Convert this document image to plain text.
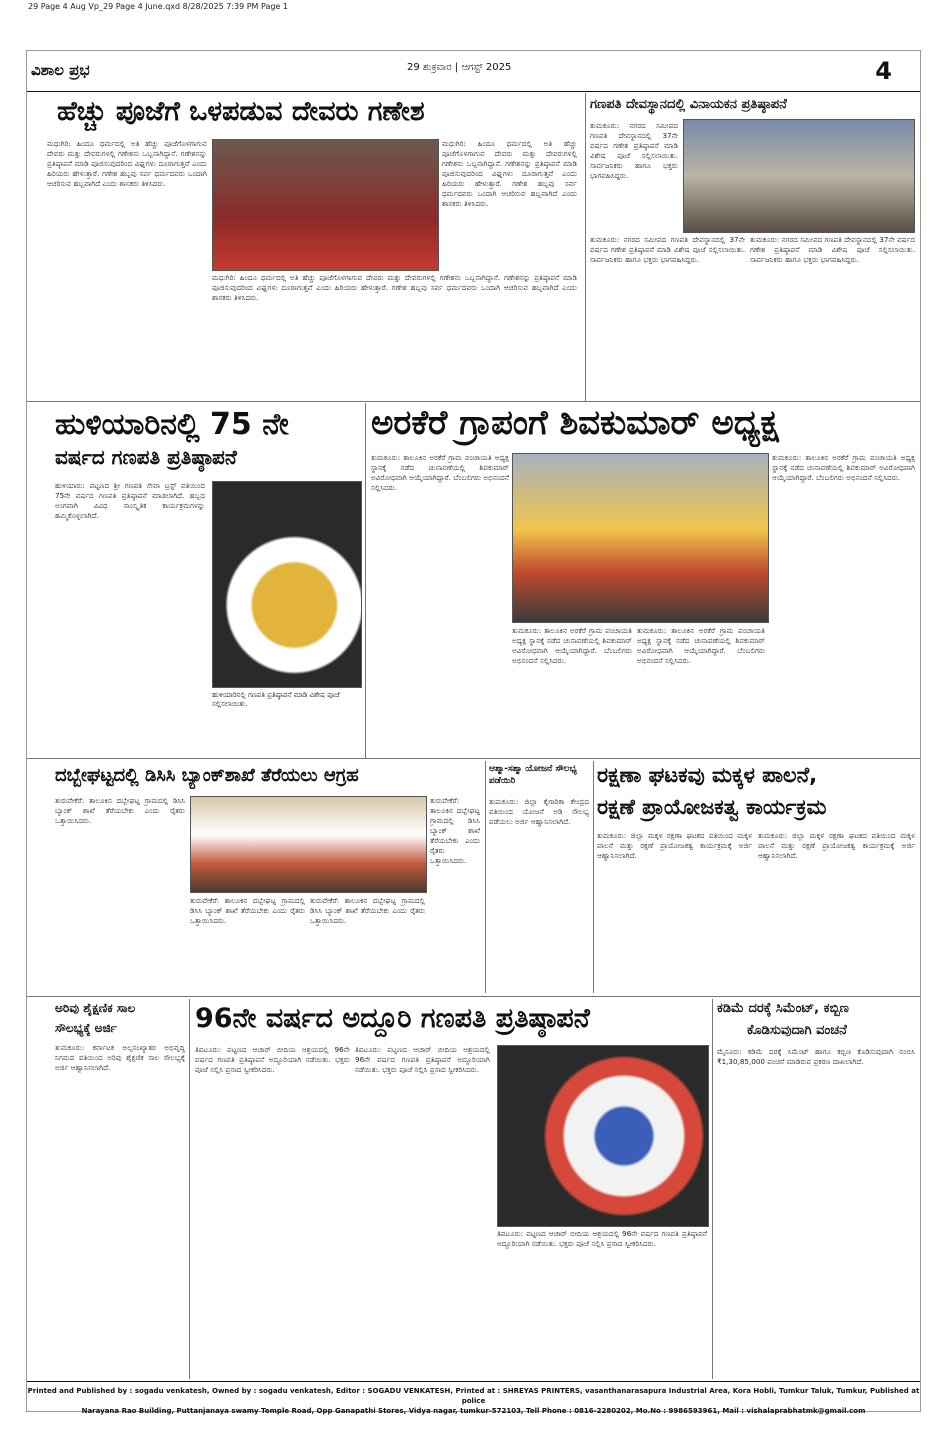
29 Page 4 Aug Vp_29 Page 4 June.qxd 8/28/2025 7:39 PM Page 1
ವಿಶಾಲ ಪ್ರಭ	29 ಶುಕ್ರವಾರ | ಆಗಸ್ಟ್ 2025	4
ಹೆಚ್ಚು ಪೂಜೆಗೆ ಒಳಪಡುವ ದೇವರು ಗಣೇಶ
ಮಧುಗಿರಿ: ಹಿಂದೂ ಧರ್ಮದಲ್ಲಿ ಅತಿ ಹೆಚ್ಚು ಪೂಜೆಗೊಳಗಾಗುವ ದೇವರು ಮತ್ತು ದೇವರುಗಳಲ್ಲಿ ಗಣೇಶನು ಒಬ್ಬನಾಗಿದ್ದಾನೆ. ಗಣೇಶನನ್ನು ಪ್ರತಿಷ್ಠಾಪನೆ ಮಾಡಿ ಪೂಜಿಸುವುದರಿಂದ ವಿಘ್ನಗಳು ದೂರಾಗುತ್ತವೆ ಎಂದು ಹಿರಿಯರು ಹೇಳುತ್ತಾರೆ. ಗಣೇಶ ಹಬ್ಬವು ಸರ್ವ ಧರ್ಮದವರು ಒಂದಾಗಿ ಆಚರಿಸುವ ಹಬ್ಬವಾಗಿದೆ ಎಂದು ಶಾಸಕರು ತಿಳಿಸಿದರು.
ಮಧುಗಿರಿ: ಹಿಂದೂ ಧರ್ಮದಲ್ಲಿ ಅತಿ ಹೆಚ್ಚು ಪೂಜೆಗೊಳಗಾಗುವ ದೇವರು ಮತ್ತು ದೇವರುಗಳಲ್ಲಿ ಗಣೇಶನು ಒಬ್ಬನಾಗಿದ್ದಾನೆ. ಗಣೇಶನನ್ನು ಪ್ರತಿಷ್ಠಾಪನೆ ಮಾಡಿ ಪೂಜಿಸುವುದರಿಂದ ವಿಘ್ನಗಳು ದೂರಾಗುತ್ತವೆ ಎಂದು ಹಿರಿಯರು ಹೇಳುತ್ತಾರೆ. ಗಣೇಶ ಹಬ್ಬವು ಸರ್ವ ಧರ್ಮದವರು ಒಂದಾಗಿ ಆಚರಿಸುವ ಹಬ್ಬವಾಗಿದೆ ಎಂದು ಶಾಸಕರು ತಿಳಿಸಿದರು.
ಮಧುಗಿರಿ: ಹಿಂದೂ ಧರ್ಮದಲ್ಲಿ ಅತಿ ಹೆಚ್ಚು ಪೂಜೆಗೊಳಗಾಗುವ ದೇವರು ಮತ್ತು ದೇವರುಗಳಲ್ಲಿ ಗಣೇಶನು ಒಬ್ಬನಾಗಿದ್ದಾನೆ. ಗಣೇಶನನ್ನು ಪ್ರತಿಷ್ಠಾಪನೆ ಮಾಡಿ ಪೂಜಿಸುವುದರಿಂದ ವಿಘ್ನಗಳು ದೂರಾಗುತ್ತವೆ ಎಂದು ಹಿರಿಯರು ಹೇಳುತ್ತಾರೆ. ಗಣೇಶ ಹಬ್ಬವು ಸರ್ವ ಧರ್ಮದವರು ಒಂದಾಗಿ ಆಚರಿಸುವ ಹಬ್ಬವಾಗಿದೆ ಎಂದು ಶಾಸಕರು ತಿಳಿಸಿದರು.
ಗಣಪತಿ ದೇವಸ್ಥಾನದಲ್ಲಿ ವಿನಾಯಕನ ಪ್ರತಿಷ್ಠಾಪನೆ
ತುಮಕೂರು: ನಗರದ ಸಮೀಪದ ಗಣಪತಿ ದೇವಸ್ಥಾನದಲ್ಲಿ 37ನೇ ವರ್ಷದ ಗಣೇಶ ಪ್ರತಿಷ್ಠಾಪನೆ ಮಾಡಿ ವಿಶೇಷ ಪೂಜೆ ಸಲ್ಲಿಸಲಾಯಿತು. ಸಾರ್ವಜನಿಕರು ಹಾಗೂ ಭಕ್ತರು ಭಾಗವಹಿಸಿದ್ದರು.
ತುಮಕೂರು: ನಗರದ ಸಮೀಪದ ಗಣಪತಿ ದೇವಸ್ಥಾನದಲ್ಲಿ 37ನೇ ವರ್ಷದ ಗಣೇಶ ಪ್ರತಿಷ್ಠಾಪನೆ ಮಾಡಿ ವಿಶೇಷ ಪೂಜೆ ಸಲ್ಲಿಸಲಾಯಿತು. ಸಾರ್ವಜನಿಕರು ಹಾಗೂ ಭಕ್ತರು ಭಾಗವಹಿಸಿದ್ದರು.
ತುಮಕೂರು: ನಗರದ ಸಮೀಪದ ಗಣಪತಿ ದೇವಸ್ಥಾನದಲ್ಲಿ 37ನೇ ವರ್ಷದ ಗಣೇಶ ಪ್ರತಿಷ್ಠಾಪನೆ ಮಾಡಿ ವಿಶೇಷ ಪೂಜೆ ಸಲ್ಲಿಸಲಾಯಿತು. ಸಾರ್ವಜನಿಕರು ಹಾಗೂ ಭಕ್ತರು ಭಾಗವಹಿಸಿದ್ದರು.
ಹುಳಿಯಾರಿನಲ್ಲಿ 75 ನೇ
ವರ್ಷದ ಗಣಪತಿ ಪ್ರತಿಷ್ಠಾಪನೆ
ಹುಳಿಯಾರು: ಪಟ್ಟಣದ ಶ್ರೀ ಗಣಪತಿ ಸೇವಾ ಟ್ರಸ್ಟ್ ವತಿಯಿಂದ 75ನೇ ವರ್ಷದ ಗಣಪತಿ ಪ್ರತಿಷ್ಠಾಪನೆ ಮಾಡಲಾಗಿದೆ. ಹಬ್ಬದ ಅಂಗವಾಗಿ ವಿವಿಧ ಸಾಂಸ್ಕೃತಿಕ ಕಾರ್ಯಕ್ರಮಗಳನ್ನು ಹಮ್ಮಿಕೊಳ್ಳಲಾಗಿದೆ.
ಹುಳಿಯಾರಿನಲ್ಲಿ ಗಣಪತಿ ಪ್ರತಿಷ್ಠಾಪನೆ ಮಾಡಿ ವಿಶೇಷ ಪೂಜೆ ಸಲ್ಲಿಸಲಾಯಿತು.
ಅರಕೆರೆ ಗ್ರಾಪಂಗೆ ಶಿವಕುಮಾರ್ ಅಧ್ಯಕ್ಷ
ತುಮಕೂರು: ತಾಲೂಕಿನ ಅರಕೆರೆ ಗ್ರಾಮ ಪಂಚಾಯತಿ ಅಧ್ಯಕ್ಷ ಸ್ಥಾನಕ್ಕೆ ನಡೆದ ಚುನಾವಣೆಯಲ್ಲಿ ಶಿವಕುಮಾರ್ ಅವಿರೋಧವಾಗಿ ಆಯ್ಕೆಯಾಗಿದ್ದಾರೆ. ಬೆಂಬಲಿಗರು ಅಭಿನಂದನೆ ಸಲ್ಲಿಸಿದರು.
ತುಮಕೂರು: ತಾಲೂಕಿನ ಅರಕೆರೆ ಗ್ರಾಮ ಪಂಚಾಯತಿ ಅಧ್ಯಕ್ಷ ಸ್ಥಾನಕ್ಕೆ ನಡೆದ ಚುನಾವಣೆಯಲ್ಲಿ ಶಿವಕುಮಾರ್ ಅವಿರೋಧವಾಗಿ ಆಯ್ಕೆಯಾಗಿದ್ದಾರೆ. ಬೆಂಬಲಿಗರು ಅಭಿನಂದನೆ ಸಲ್ಲಿಸಿದರು.
ತುಮಕೂರು: ತಾಲೂಕಿನ ಅರಕೆರೆ ಗ್ರಾಮ ಪಂಚಾಯತಿ ಅಧ್ಯಕ್ಷ ಸ್ಥಾನಕ್ಕೆ ನಡೆದ ಚುನಾವಣೆಯಲ್ಲಿ ಶಿವಕುಮಾರ್ ಅವಿರೋಧವಾಗಿ ಆಯ್ಕೆಯಾಗಿದ್ದಾರೆ. ಬೆಂಬಲಿಗರು ಅಭಿನಂದನೆ ಸಲ್ಲಿಸಿದರು.
ತುಮಕೂರು: ತಾಲೂಕಿನ ಅರಕೆರೆ ಗ್ರಾಮ ಪಂಚಾಯತಿ ಅಧ್ಯಕ್ಷ ಸ್ಥಾನಕ್ಕೆ ನಡೆದ ಚುನಾವಣೆಯಲ್ಲಿ ಶಿವಕುಮಾರ್ ಅವಿರೋಧವಾಗಿ ಆಯ್ಕೆಯಾಗಿದ್ದಾರೆ. ಬೆಂಬಲಿಗರು ಅಭಿನಂದನೆ ಸಲ್ಲಿಸಿದರು.
ದಬ್ಬೇಘಟ್ಟದಲ್ಲಿ ಡಿಸಿಸಿ ಬ್ಯಾಂಕ್‌ಶಾಖೆ ತೆರೆಯಲು ಆಗ್ರಹ
ತುರುವೇಕೆರೆ: ತಾಲೂಕಿನ ದಬ್ಬೇಘಟ್ಟ ಗ್ರಾಮದಲ್ಲಿ ಡಿಸಿಸಿ ಬ್ಯಾಂಕ್ ಶಾಖೆ ತೆರೆಯಬೇಕು ಎಂದು ರೈತರು ಒತ್ತಾಯಿಸಿದರು.
ತುರುವೇಕೆರೆ: ತಾಲೂಕಿನ ದಬ್ಬೇಘಟ್ಟ ಗ್ರಾಮದಲ್ಲಿ ಡಿಸಿಸಿ ಬ್ಯಾಂಕ್ ಶಾಖೆ ತೆರೆಯಬೇಕು ಎಂದು ರೈತರು ಒತ್ತಾಯಿಸಿದರು.
ತುರುವೇಕೆರೆ: ತಾಲೂಕಿನ ದಬ್ಬೇಘಟ್ಟ ಗ್ರಾಮದಲ್ಲಿ ಡಿಸಿಸಿ ಬ್ಯಾಂಕ್ ಶಾಖೆ ತೆರೆಯಬೇಕು ಎಂದು ರೈತರು ಒತ್ತಾಯಿಸಿದರು.
ತುರುವೇಕೆರೆ: ತಾಲೂಕಿನ ದಬ್ಬೇಘಟ್ಟ ಗ್ರಾಮದಲ್ಲಿ ಡಿಸಿಸಿ ಬ್ಯಾಂಕ್ ಶಾಖೆ ತೆರೆಯಬೇಕು ಎಂದು ರೈತರು ಒತ್ತಾಯಿಸಿದರು.
ಆಶ್ಮಾ-ಸಶ್ಮಾ ಯೋಜನೆ ಸೌಲಭ್ಯ ಪಡೆಯಿರಿ
ತುಮಕೂರು: ಜಿಲ್ಲಾ ಕೈಗಾರಿಕಾ ಕೇಂದ್ರದ ವತಿಯಿಂದ ಯೋಜನೆ ಅಡಿ ಸೌಲಭ್ಯ ಪಡೆಯಲು ಅರ್ಜಿ ಆಹ್ವಾನಿಸಲಾಗಿದೆ.
ರಕ್ಷಣಾ ಘಟಕವು ಮಕ್ಕಳ ಪಾಲನೆ,
ರಕ್ಷಣೆ ಪ್ರಾಯೋಜಕತ್ವ ಕಾರ್ಯಕ್ರಮ
ತುಮಕೂರು: ಜಿಲ್ಲಾ ಮಕ್ಕಳ ರಕ್ಷಣಾ ಘಟಕದ ವತಿಯಿಂದ ಮಕ್ಕಳ ಪಾಲನೆ ಮತ್ತು ರಕ್ಷಣೆ ಪ್ರಾಯೋಜಕತ್ವ ಕಾರ್ಯಕ್ರಮಕ್ಕೆ ಅರ್ಜಿ ಆಹ್ವಾನಿಸಲಾಗಿದೆ.
ತುಮಕೂರು: ಜಿಲ್ಲಾ ಮಕ್ಕಳ ರಕ್ಷಣಾ ಘಟಕದ ವತಿಯಿಂದ ಮಕ್ಕಳ ಪಾಲನೆ ಮತ್ತು ರಕ್ಷಣೆ ಪ್ರಾಯೋಜಕತ್ವ ಕಾರ್ಯಕ್ರಮಕ್ಕೆ ಅರ್ಜಿ ಆಹ್ವಾನಿಸಲಾಗಿದೆ.
ಅರಿವು ಶೈಕ್ಷಣಿಕ ಸಾಲ
ಸೌಲಭ್ಯಕ್ಕೆ ಅರ್ಜಿ
ತುಮಕೂರು: ಕರ್ನಾಟಕ ಅಲ್ಪಸಂಖ್ಯಾತರ ಅಭಿವೃದ್ಧಿ ನಿಗಮದ ವತಿಯಿಂದ ಅರಿವು ಶೈಕ್ಷಣಿಕ ಸಾಲ ಸೌಲಭ್ಯಕ್ಕೆ ಅರ್ಜಿ ಆಹ್ವಾನಿಸಲಾಗಿದೆ.
96ನೇ ವರ್ಷದ ಅದ್ದೂರಿ ಗಣಪತಿ ಪ್ರತಿಷ್ಠಾಪನೆ
ತಿಪಟೂರು: ಪಟ್ಟಣದ ಆಚಾರ್ ಬೀದಿಯ ಆಶ್ರಯದಲ್ಲಿ 96ನೇ ವರ್ಷದ ಗಣಪತಿ ಪ್ರತಿಷ್ಠಾಪನೆ ಅದ್ದೂರಿಯಾಗಿ ನಡೆಯಿತು. ಭಕ್ತರು ಪೂಜೆ ಸಲ್ಲಿಸಿ ಪ್ರಸಾದ ಸ್ವೀಕರಿಸಿದರು.
ತಿಪಟೂರು: ಪಟ್ಟಣದ ಆಚಾರ್ ಬೀದಿಯ ಆಶ್ರಯದಲ್ಲಿ 96ನೇ ವರ್ಷದ ಗಣಪತಿ ಪ್ರತಿಷ್ಠಾಪನೆ ಅದ್ದೂರಿಯಾಗಿ ನಡೆಯಿತು. ಭಕ್ತರು ಪೂಜೆ ಸಲ್ಲಿಸಿ ಪ್ರಸಾದ ಸ್ವೀಕರಿಸಿದರು.
ತಿಪಟೂರು: ಪಟ್ಟಣದ ಆಚಾರ್ ಬೀದಿಯ ಆಶ್ರಯದಲ್ಲಿ 96ನೇ ವರ್ಷದ ಗಣಪತಿ ಪ್ರತಿಷ್ಠಾಪನೆ ಅದ್ದೂರಿಯಾಗಿ ನಡೆಯಿತು. ಭಕ್ತರು ಪೂಜೆ ಸಲ್ಲಿಸಿ ಪ್ರಸಾದ ಸ್ವೀಕರಿಸಿದರು.
ಕಡಿಮೆ ದರಕ್ಕೆ ಸಿಮೆಂಟ್, ಕಬ್ಬಿಣ
ಕೊಡಿಸುವುದಾಗಿ ವಂಚನೆ
ಮೈಸೂರು: ಕಡಿಮೆ ದರಕ್ಕೆ ಸಿಮೆಂಟ್ ಹಾಗೂ ಕಬ್ಬಿಣ ಕೊಡಿಸುವುದಾಗಿ ನಂಬಿಸಿ ₹1,30,85,000 ವಂಚನೆ ಮಾಡಿರುವ ಪ್ರಕರಣ ದಾಖಲಾಗಿದೆ.
Printed and Published by : sogadu venkatesh, Owned by : sogadu venkatesh, Editor : SOGADU VENKATESH, Printed at : SHREYAS PRINTERS, vasanthanarasapura Industrial Area, Kora Hobli, Tumkur Taluk, Tumkur, Published at police
Narayana Rao Building, Puttanjanaya swamy Temple Road, Opp Ganapathi Stores, Vidya nagar, tumkur-572103, Tell Phone : 0816-2280202, Mo.No : 9986593961, Mail : vishalaprabhatmk@gmail.com
